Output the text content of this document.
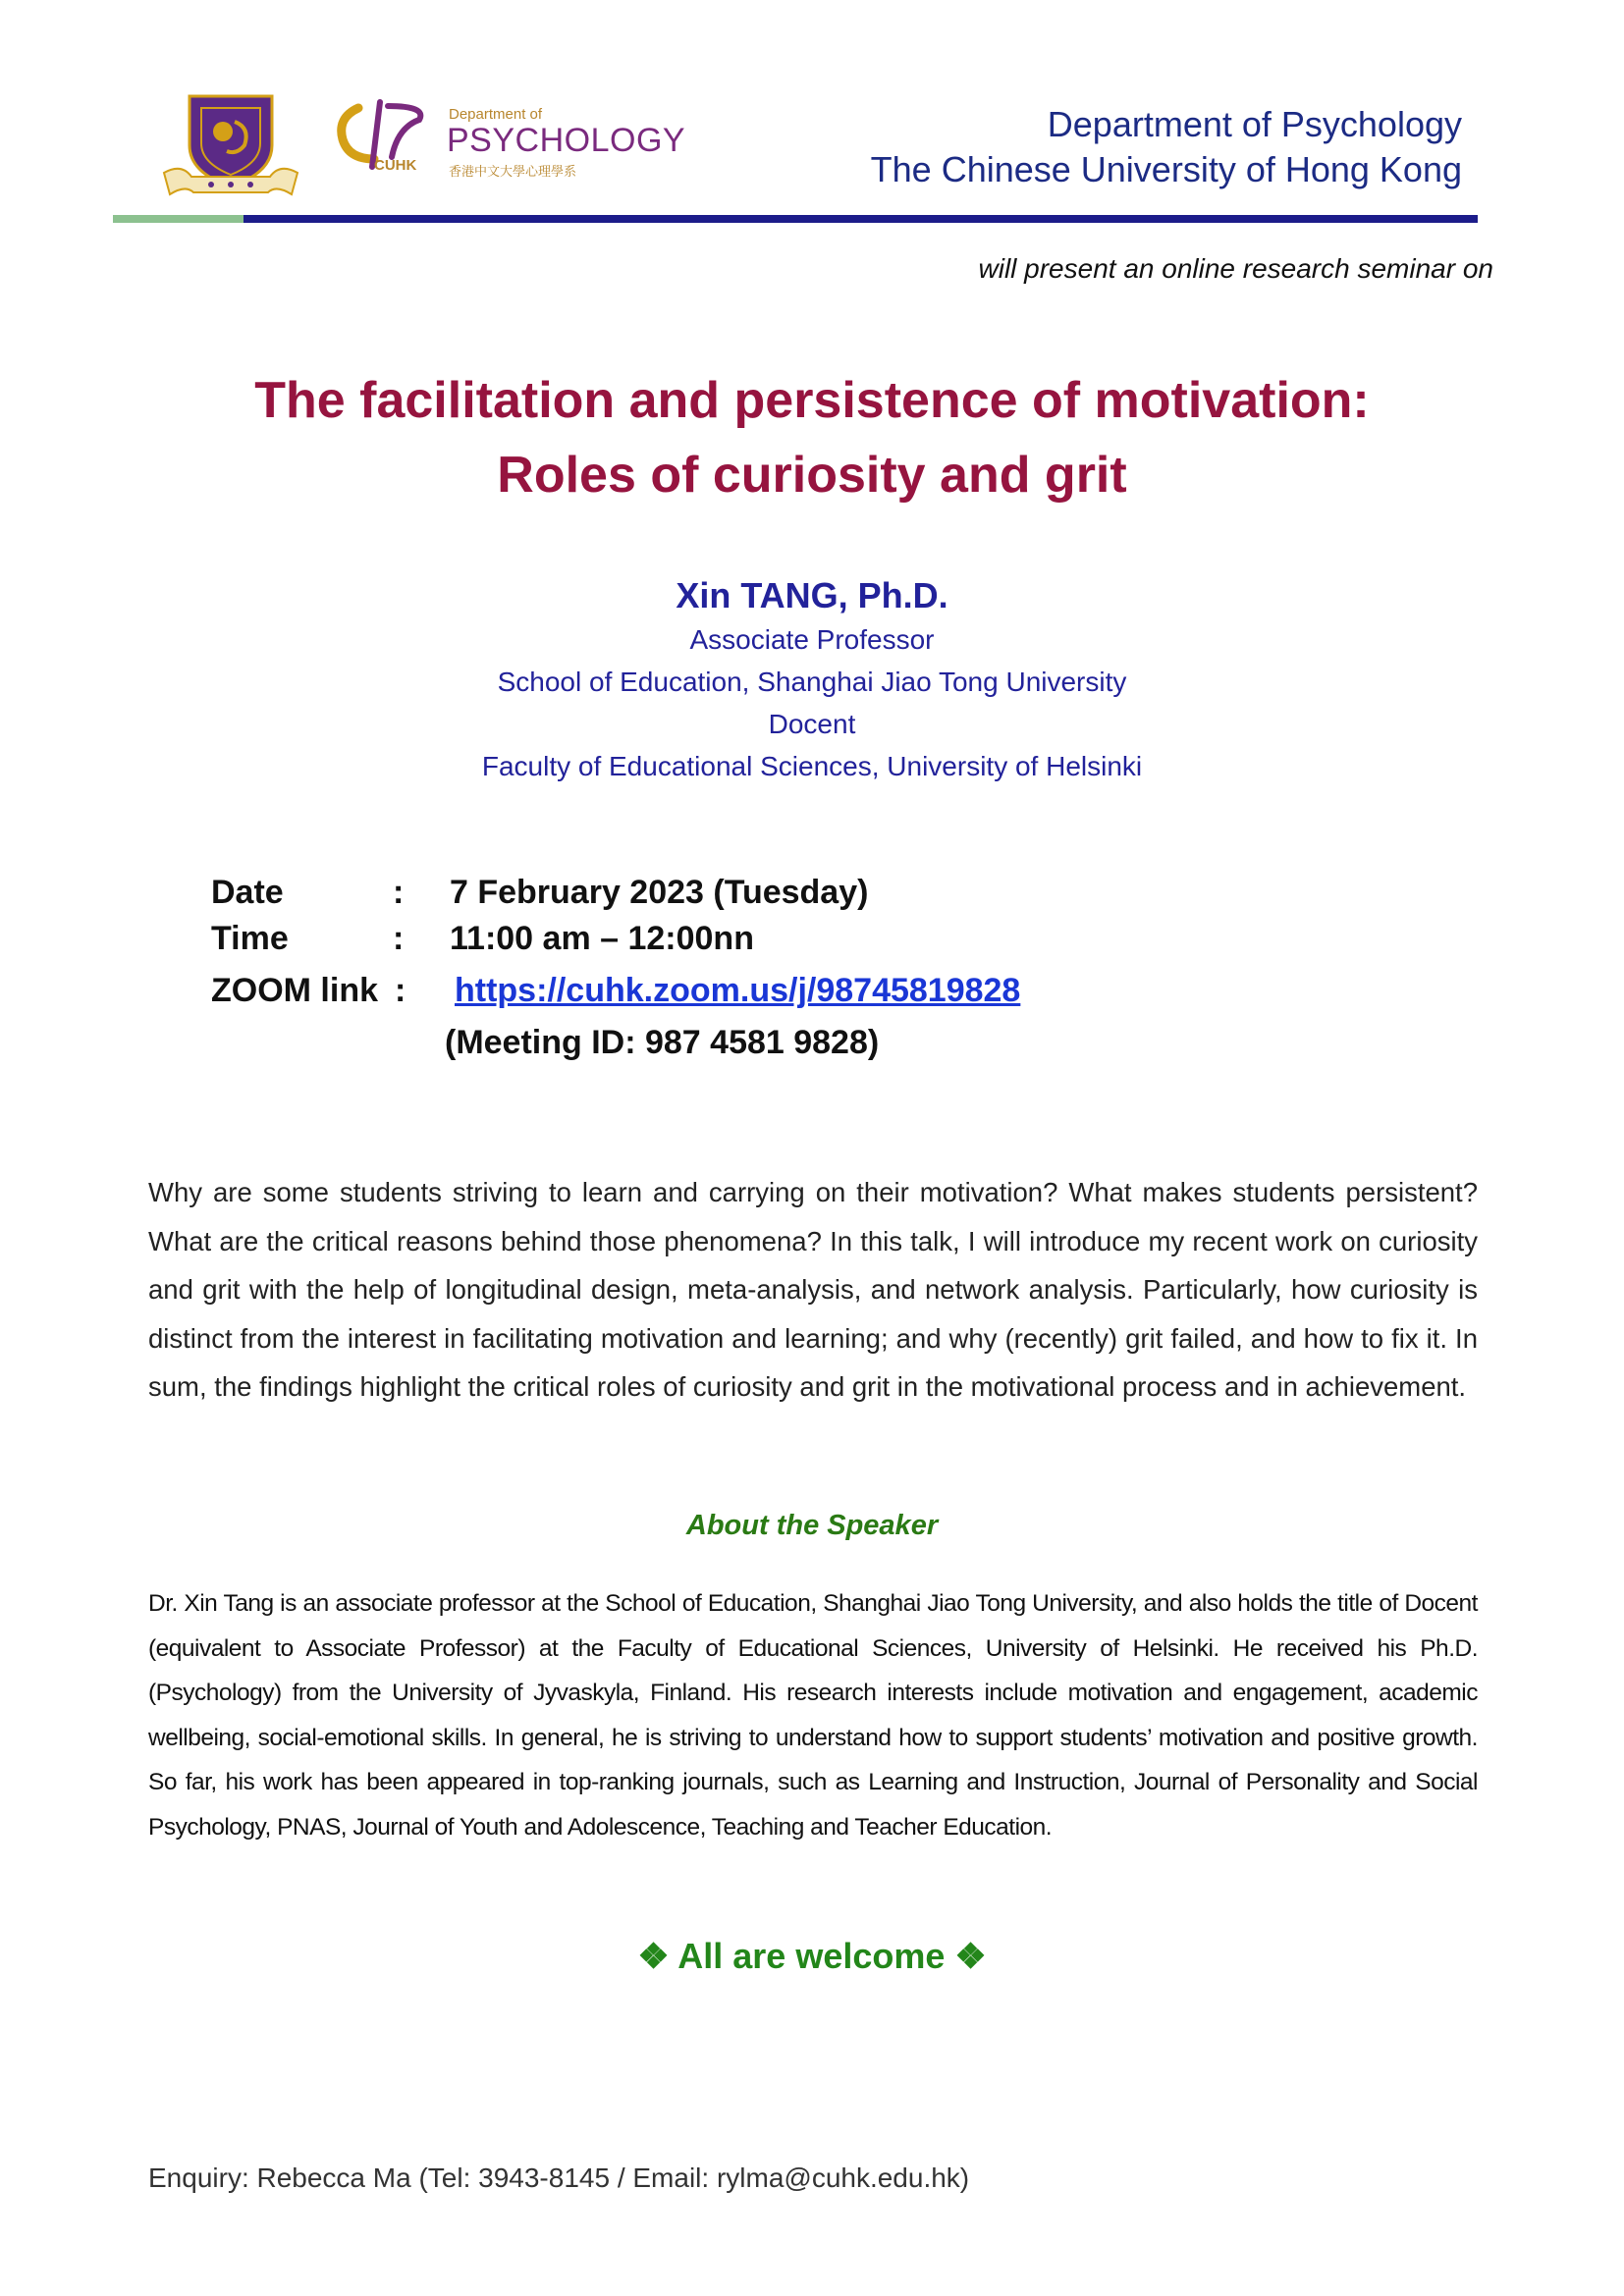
Department of
PSYCHOLOGY
CUHK	香港中文大學心理學系
Department of Psychology
The Chinese University of Hong Kong
will present an online research seminar on
The facilitation and persistence of motivation:
Roles of curiosity and grit
Xin TANG, Ph.D.
Associate Professor
School of Education, Shanghai Jiao Tong University
Docent
Faculty of Educational Sciences, University of Helsinki
Date	: 7 February 2023 (Tuesday)
Time	: 11:00 am – 12:00nn
ZOOM link : https://cuhk.zoom.us/j/98745819828
(Meeting ID: 987 4581 9828)
Why are some students striving to learn and carrying on their motivation? What makes students persistent? What are the critical reasons behind those phenomena? In this talk, I will introduce my recent work on curiosity and grit with the help of longitudinal design, meta-analysis, and network analysis. Particularly, how curiosity is distinct from the interest in facilitating motivation and learning; and why (recently) grit failed, and how to fix it. In sum, the findings highlight the critical roles of curiosity and grit in the motivational process and in achievement.
About the Speaker
Dr. Xin Tang is an associate professor at the School of Education, Shanghai Jiao Tong University, and also holds the title of Docent (equivalent to Associate Professor) at the Faculty of Educational Sciences, University of Helsinki. He received his Ph.D. (Psychology) from the University of Jyvaskyla, Finland. His research interests include motivation and engagement, academic wellbeing, social-emotional skills. In general, he is striving to understand how to support students’ motivation and positive growth. So far, his work has been appeared in top-ranking journals, such as Learning and Instruction, Journal of Personality and Social Psychology, PNAS, Journal of Youth and Adolescence, Teaching and Teacher Education.
❖ All are welcome ❖
Enquiry: Rebecca Ma (Tel: 3943-8145 / Email: rylma@cuhk.edu.hk)
